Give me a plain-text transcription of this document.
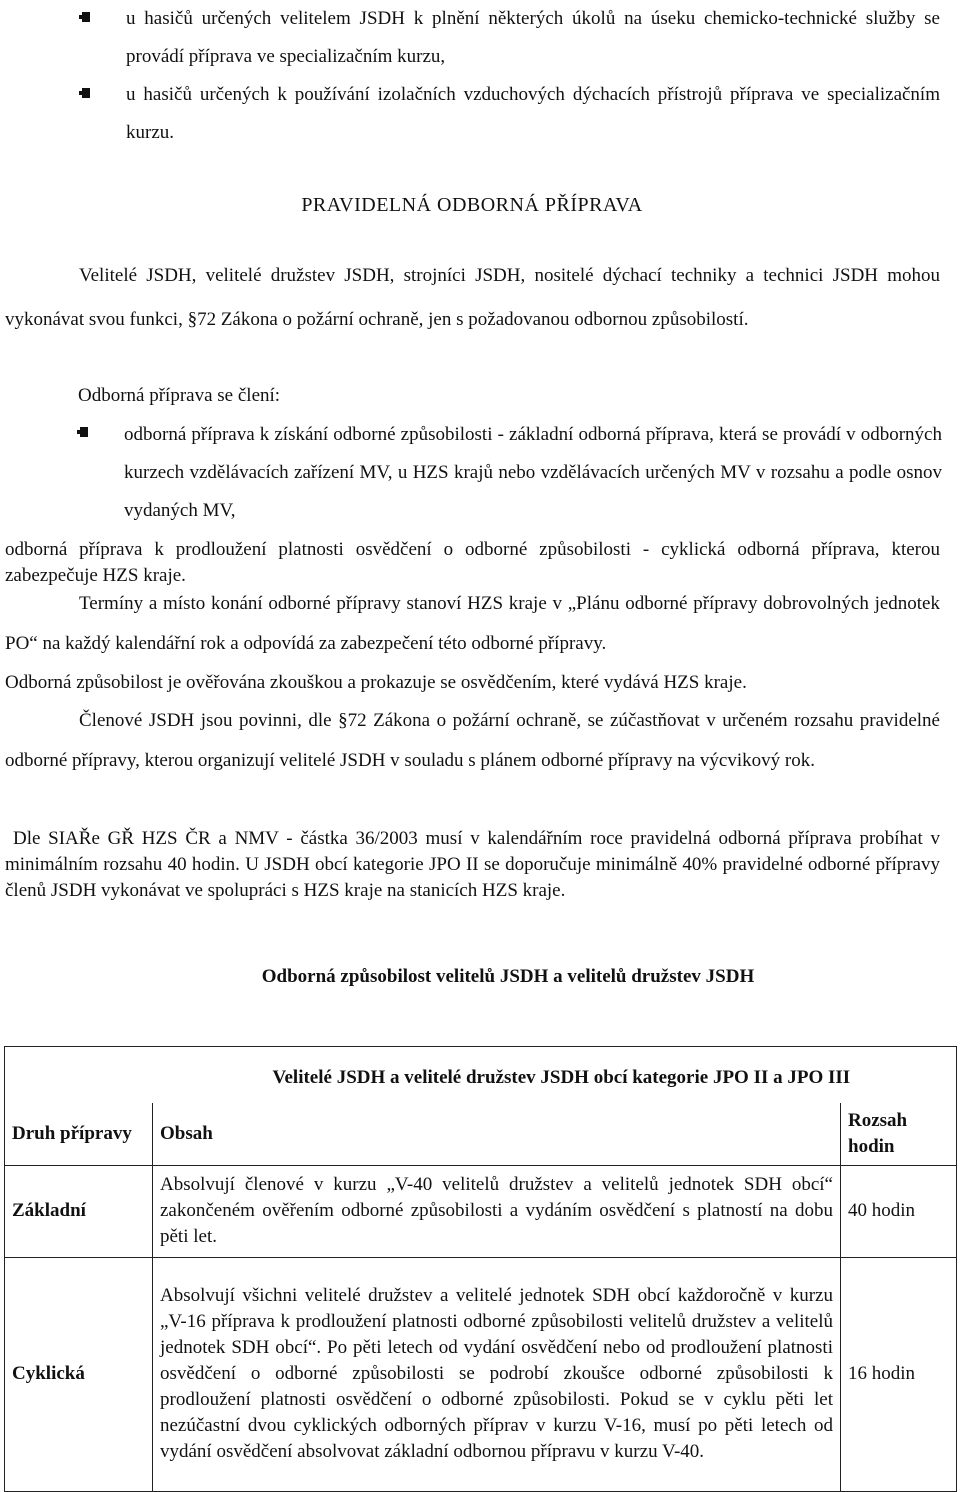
u hasičů určených velitelem JSDH k plnění některých úkolů na úseku chemicko-technické služby se provádí příprava ve specializačním kurzu,
u hasičů určených k používání izolačních vzduchových dýchacích přístrojů příprava ve specializačním kurzu.
PRAVIDELNÁ ODBORNÁ PŘÍPRAVA
Velitelé JSDH, velitelé družstev JSDH, strojníci JSDH, nositelé dýchací techniky a technici JSDH mohou vykonávat svou funkci, §72 Zákona o požární ochraně, jen s požadovanou odbornou způsobilostí.
Odborná příprava se člení:
odborná příprava k získání odborné způsobilosti - základní odborná příprava, která se provádí v odborných kurzech vzdělávacích zařízení MV, u HZS krajů nebo vzdělávacích určených MV v rozsahu a podle osnov vydaných MV,
odborná příprava k prodloužení platnosti osvědčení o odborné způsobilosti - cyklická odborná příprava, kterou zabezpečuje HZS kraje.
Termíny a místo konání odborné přípravy stanoví HZS kraje v „Plánu odborné přípravy dobrovolných jednotek PO“ na každý kalendářní rok a odpovídá za zabezpečení této odborné přípravy.
Odborná způsobilost je ověřována zkouškou a prokazuje se osvědčením, které vydává HZS kraje.
Členové JSDH jsou povinni, dle §72 Zákona o požární ochraně, se zúčastňovat v určeném rozsahu pravidelné odborné přípravy, kterou organizují velitelé JSDH v souladu s plánem odborné přípravy na výcvikový rok.
Dle SIAŘe GŘ HZS ČR a NMV - částka 36/2003 musí v kalendářním roce pravidelná odborná příprava probíhat v minimálním rozsahu 40 hodin. U JSDH obcí kategorie JPO II se doporučuje minimálně 40% pravidelné odborné přípravy členů JSDH vykonávat ve spolupráci s HZS kraje na stanicích HZS kraje.
Odborná způsobilost velitelů JSDH a velitelů družstev JSDH
	Velitelé JSDH a velitelé družstev JSDH obcí kategorie JPO II a JPO III	
Druh přípravy	Obsah	Rozsah hodin
Základní	Absolvují členové v kurzu „V-40 velitelů družstev a velitelů jednotek SDH obcí“ zakončeném ověřením odborné způsobilosti a vydáním osvědčení s platností na dobu pěti let.	40 hodin
Cyklická	Absolvují všichni velitelé družstev a velitelé jednotek SDH obcí každoročně v kurzu „V-16 příprava k prodloužení platnosti odborné způsobilosti velitelů družstev a velitelů jednotek SDH obcí“. Po pěti letech od vydání osvědčení nebo od prodloužení platnosti osvědčení o odborné způsobilosti se podrobí zkoušce odborné způsobilosti k prodloužení platnosti osvědčení o odborné způsobilosti. Pokud se v cyklu pěti let nezúčastní dvou cyklických odborných příprav v kurzu V-16, musí po pěti letech od vydání osvědčení absolvovat základní odbornou přípravu v kurzu V-40.	16 hodin
